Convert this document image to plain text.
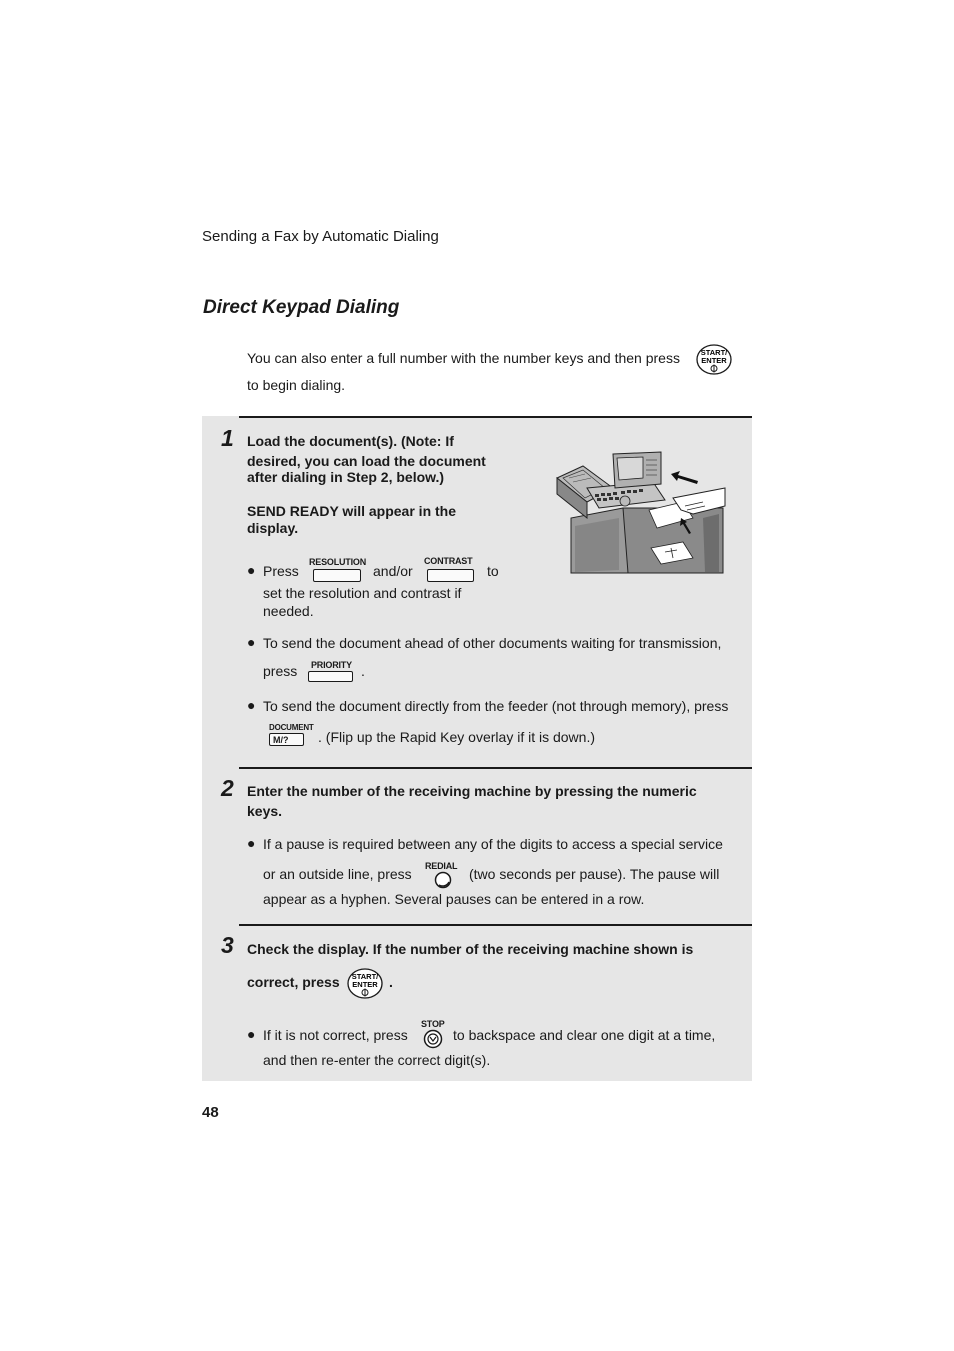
Sending a Fax by Automatic Dialing
Direct Keypad Dialing
You can also enter a full number with the number keys and then press	START/
ENTER
to begin dialing.
1 Load the document(s). (Note: If
desired, you can load the document
after dialing in Step 2, below.)
SEND READY will appear in the
display.
● Press
RESOLUTION
and/or
CONTRAST
to
set the resolution and contrast if
needed.
● To send the document ahead of other documents waiting for transmission,
press PRIORITY .
● To send the document directly from the feeder (not through memory), press
DOCUMENT
M/?	. (Flip up the Rapid Key overlay if it is down.)
2 Enter the number of the receiving machine by pressing the numeric
keys.
● If a pause is required between any of the digits to access a special service
or an outside line, press REDIAL (two seconds per pause). The pause will
appear as a hyphen. Several pauses can be entered in a row.
3 Check the display. If the number of the receiving machine shown is
correct, press START/
ENTER .
● If it is not correct, press
STOP
to backspace and clear one digit at a time,
and then re-enter the correct digit(s).
48
